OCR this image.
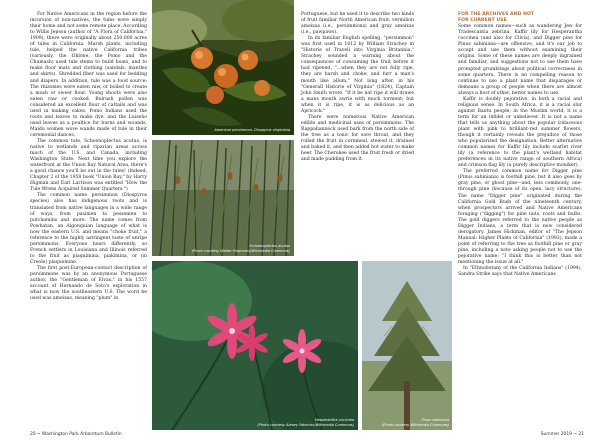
For Native Americans in the region before the incursion of non-natives, the tules were simply their home and not some remote place. According to Willis Jepson (author of "A Flora of California," 1909), there were originally about 250,000 acres of tules in California. Marsh plants, including tule, helped the native California tribes (variously, the Ohlone, the Pomo and the Chumash) used tule stems to build boats, and to make floor mats and clothing (sandals, mantles and skirts). Shredded fiber was used for bedding and diapers. In addition, tule was a food source: The rhizomes were eaten raw, or boiled to create a mush or sweet flour. Young shoots were also eaten raw or cooked. Bulrush pollen was considered an excellent flour of cattails and was used in making cakes. Pomo Indians used the roots and leaves to make dye, and the Luiseño used leaves as a poultice for burns and wounds. Maidu women wove wands made of tule in their ceremonial dances.

The common tule, Schoenoplectus acutus, is native to wetlands and riparian areas across much of the U.S. and Canada, including Washington State. Next time you explore the waterfront at the Union Bay Natural Area, there's a good chance you'll be out in the tules! (Indeed, Chapter 2 of the 1958 book "Union Bay," by Harry Higman and Earl Larrison was entitled "How the Tule Wrens Acquired Summer Quarters.")

The common name persimmon (Diospyros species) also has indigenous roots and is translated from native languages in a wide range of ways, from pasimen to pessemen to putchamins and more. The name comes from Powhatan, an Algonquian language of what is now the eastern U.S. and means "choke fruit," a reference to the highly astringent taste of unripe persimmons. Everyone hears differently, so French settlers in Louisiana and Illinois referred to the fruit as piaquimina, piakimina, or (in Creole) plaquemine.

The first post-European-contact description of persimmons was by an anonymous Portuguese author, the "Gentleman of Elvas," in his 1557 account of Hernando de Soto's exploration in what is now the southeastern U.S. The word he used was ameixas, meaning "plum" in

American persimmon, Diospyros virginiana
Schoenoplectus acutus
(Photo courtesy Walter Siegmund/Wikimedia Commons)
Hesperantha coccinea
(Photo courtesy Alexey Yakovlev/Wikimedia Commons)
Pinus sabiniana
(Photo courtesy Wikimedia Commons)

Portuguese, but he used it to describe two kinds of fruit familiar North American fruit: vermilion ameixas (i.e., persimmons) and gray ameixas (i.e., pawpaws).

In its familiar English spelling, "persimmon" was first used in 1612 by William Strachey in "Historie of Travell into Virginia Britannia." Strachey sounded a warning about the consequences of consuming the fruit before it had ripened, "...when they are not fully ripe, they are harsh and choke, and furr a man's mouth like allum." Not long after, in his "Generall Historie of Virginia" (1624), Captain John Smith wrote, "If it be not ripe it will drawe a mans mouth awrie with much torment; but when it is ripe, it is as delicious as an Apricock."

There were numerous Native American edible and medicinal uses of persimmons. The Rappahannock used bark from the north side of the tree as a tonic for sore throat, and they rolled the fruit in cornmeal, stewed it, drained and baked it, and then added hot water to make beer. The Cherokee used the fruit fresh or dried and made pudding from it.

FOR THE ARCHIVES AND NOT
FOR CURRENT USE

Some common names—such as wandering Jew for Tradescantia zebrina, Kaffir lily for Hesperantha coccinea (and also for Clivia), and Digger pine for Pinus sabiniana—are offensive, and it's our job to accept and use them without examining their origins. Some of these names are deeply ingrained and familiar, and suggestions not to use them have prompted grumblings about political correctness in some quarters. There is no compelling reason to continue to use a plant name that disparages or demeans a group of people when there are almost always a host of other, better names to use.

Kaffir is doubly pejorative, in both a racial and religious sense. In South Africa, it is a racial slur against Bantu people; in the Muslim world, it is a term for an infidel or unbeliever. It is not a name that tells us anything about the popular iridaceous plant with pink to brilliant-red summer flowers, though it certainly reveals the prejudice of those who popularized the designation. Better alternative common names for Kaffir lily include scarlet river lily (a reference to the plant's wetland habitat preferences in its native range of southern Africa) and crimson flag lily (a purely descriptive moniker).

The preferred common name for Digger pine (Pinus sabiniana) is foothill pine, but it also goes by gray pine, or ghost pine—and, less commonly, one-through pine (because of its open, lacy structure). The name "Digger pine" originated during the California Gold Rush of the nineteenth century, when prospectors arrived and Native Americans foraging ("digging") for pine nuts, roots and bulbs. The gold diggers referred to the native people as Digger Indians, a term that is now considered derogatory. James Hickman, editor of "The Jepson Manual: Higher Plants of California" (1993), made a point of referring to the tree as foothill pine or gray pine, including a note asking people not to use the pejorative name: "I think this is better than not mentioning the issue at all."

In "Ethnobotany of the California Indians" (1994), Sandra Strike says that Native Americans

20 ~ Washington Park Arboretum Bulletin	Summer 2019 ~ 21
